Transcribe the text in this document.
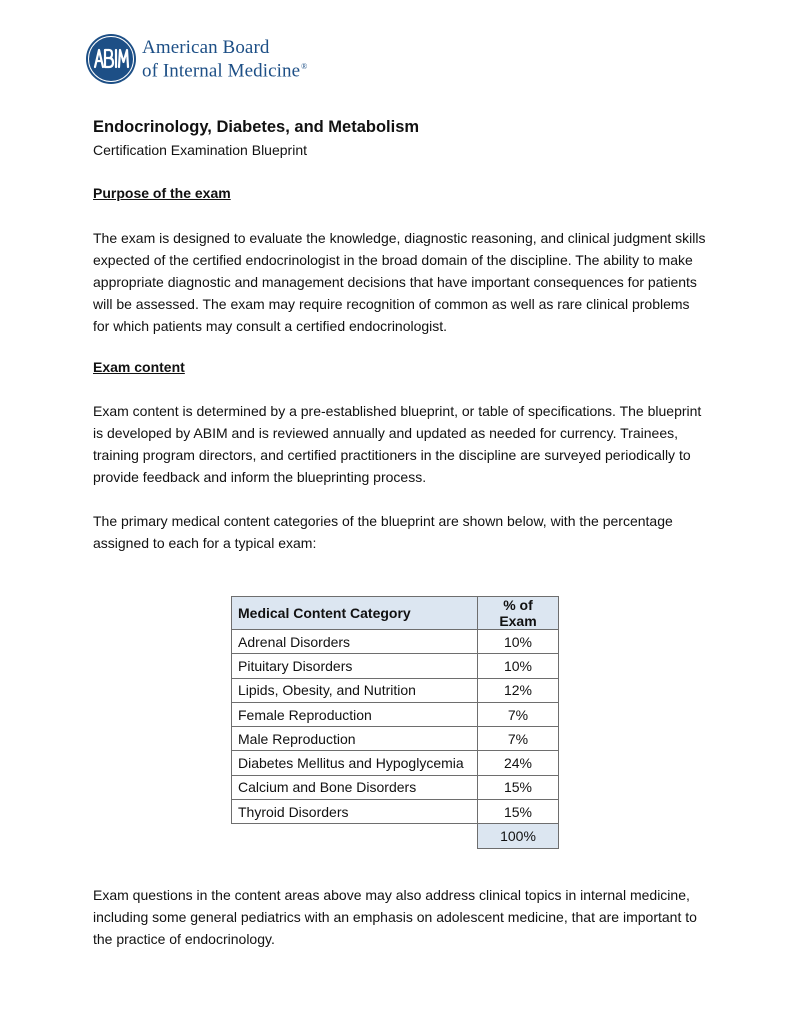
American Board
of Internal Medicine®
Endocrinology, Diabetes, and Metabolism

Certification Examination Blueprint

Purpose of the exam

The exam is designed to evaluate the knowledge, diagnostic reasoning, and clinical judgment skills expected of the certified endocrinologist in the broad domain of the discipline. The ability to make appropriate diagnostic and management decisions that have important consequences for patients will be assessed. The exam may require recognition of common as well as rare clinical problems for which patients may consult a certified endocrinologist.

Exam content

Exam content is determined by a pre-established blueprint, or table of specifications. The blueprint is developed by ABIM and is reviewed annually and updated as needed for currency. Trainees, training program directors, and certified practitioners in the discipline are surveyed periodically to provide feedback and inform the blueprinting process.

The primary medical content categories of the blueprint are shown below, with the percentage assigned to each for a typical exam:

Medical Content Category	% of Exam
Adrenal Disorders	10%
Pituitary Disorders	10%
Lipids, Obesity, and Nutrition	12%
Female Reproduction	7%
Male Reproduction	7%
Diabetes Mellitus and Hypoglycemia	24%
Calcium and Bone Disorders	15%
Thyroid Disorders	15%
	100%

Exam questions in the content areas above may also address clinical topics in internal medicine, including some general pediatrics with an emphasis on adolescent medicine, that are important to the practice of endocrinology.
